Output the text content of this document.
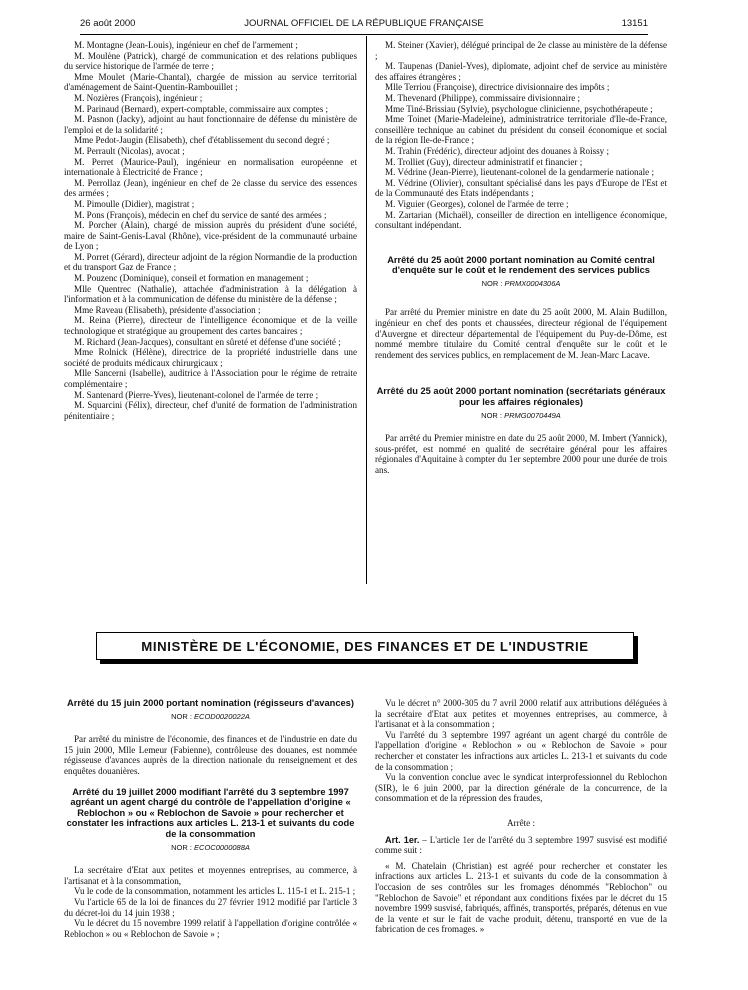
26 août 2000	JOURNAL OFFICIEL DE LA RÉPUBLIQUE FRANÇAISE	13151

M. Montagne (Jean-Louis), ingénieur en chef de l'armement ;

M. Moulène (Patrick), chargé de communication et des relations publiques du service historique de l'armée de terre ;

Mme Moulet (Marie-Chantal), chargée de mission au service territorial d'aménagement de Saint-Quentin-Rambouillet ;

M. Nozières (François), ingénieur ;

M. Parinaud (Bernard), expert-comptable, commissaire aux comptes ;

M. Pasnon (Jacky), adjoint au haut fonctionnaire de défense du ministère de l'emploi et de la solidarité ;

Mme Pedot-Jaugin (Elisabeth), chef d'établissement du second degré ;

M. Perrault (Nicolas), avocat ;

M. Perret (Maurice-Paul), ingénieur en normalisation européenne et internationale à Électricité de France ;

M. Perrollaz (Jean), ingénieur en chef de 2e classe du service des essences des armées ;

M. Pimoulle (Didier), magistrat ;

M. Pons (François), médecin en chef du service de santé des armées ;

M. Porcher (Alain), chargé de mission auprès du président d'une société, maire de Saint-Genis-Laval (Rhône), vice-président de la communauté urbaine de Lyon ;

M. Porret (Gérard), directeur adjoint de la région Normandie de la production et du transport Gaz de France ;

M. Pouzenc (Dominique), conseil et formation en management ;

Mlle Quentrec (Nathalie), attachée d'administration à la délégation à l'information et à la communication de défense du ministère de la défense ;

Mme Raveau (Elisabeth), présidente d'association ;

M. Reina (Pierre), directeur de l'intelligence économique et de la veille technologique et stratégique au groupement des cartes bancaires ;

M. Richard (Jean-Jacques), consultant en sûreté et défense d'une société ;

Mme Rolnick (Hélène), directrice de la propriété industrielle dans une société de produits médicaux chirurgicaux ;

Mlle Sancerni (Isabelle), auditrice à l'Association pour le régime de retraite complémentaire ;

M. Santenard (Pierre-Yves), lieutenant-colonel de l'armée de terre ;

M. Squarcini (Félix), directeur, chef d'unité de formation de l'administration pénitentiaire ;

M. Steiner (Xavier), délégué principal de 2e classe au ministère de la défense ;

M. Taupenas (Daniel-Yves), diplomate, adjoint chef de service au ministère des affaires étrangères ;

Mlle Terriou (Françoise), directrice divisionnaire des impôts ;

M. Thevenard (Philippe), commissaire divisionnaire ;

Mme Tiné-Brissiau (Sylvie), psychologue clinicienne, psychothérapeute ;

Mme Toinet (Marie-Madeleine), administratrice territoriale d'Ile-de-France, conseillère technique au cabinet du président du conseil économique et social de la région Ile-de-France ;

M. Trahin (Frédéric), directeur adjoint des douanes à Roissy ;

M. Trolliet (Guy), directeur administratif et financier ;

M. Védrine (Jean-Pierre), lieutenant-colonel de la gendarmerie nationale ;

M. Védrine (Olivier), consultant spécialisé dans les pays d'Europe de l'Est et de la Communauté des Etats indépendants ;

M. Viguier (Georges), colonel de l'armée de terre ;

M. Zartarian (Michaël), conseiller de direction en intelligence économique, consultant indépendant.

Arrêté du 25 août 2000 portant nomination au Comité central d'enquête sur le coût et le rendement des services publics

NOR : PRMX0004306A

Par arrêté du Premier ministre en date du 25 août 2000, M. Alain Budillon, ingénieur en chef des ponts et chaussées, directeur régional de l'équipement d'Auvergne et directeur départemental de l'équipement du Puy-de-Dôme, est nommé membre titulaire du Comité central d'enquête sur le coût et le rendement des services publics, en remplacement de M. Jean-Marc Lacave.

Arrêté du 25 août 2000 portant nomination (secrétariats généraux pour les affaires régionales)

NOR : PRMG0070449A

Par arrêté du Premier ministre en date du 25 août 2000, M. Imbert (Yannick), sous-préfet, est nommé en qualité de secrétaire général pour les affaires régionales d'Aquitaine à compter du 1er septembre 2000 pour une durée de trois ans.

MINISTÈRE DE L'ÉCONOMIE, DES FINANCES ET DE L'INDUSTRIE

Arrêté du 15 juin 2000 portant nomination (régisseurs d'avances)

NOR : ECOD0020022A

Par arrêté du ministre de l'économie, des finances et de l'industrie en date du 15 juin 2000, Mlle Lemeur (Fabienne), contrôleuse des douanes, est nommée régisseuse d'avances auprès de la direction nationale du renseignement et des enquêtes douanières.

Arrêté du 19 juillet 2000 modifiant l'arrêté du 3 septembre 1997 agréant un agent chargé du contrôle de l'appellation d'origine « Reblochon » ou « Reblochon de Savoie » pour rechercher et constater les infractions aux articles L. 213-1 et suivants du code de la consommation

NOR : ECOC0000088A

La secrétaire d'Etat aux petites et moyennes entreprises, au commerce, à l'artisanat et à la consommation,

Vu le code de la consommation, notamment les articles L. 115-1 et L. 215-1 ;

Vu l'article 65 de la loi de finances du 27 février 1912 modifié par l'article 3 du décret-loi du 14 juin 1938 ;

Vu le décret du 15 novembre 1999 relatif à l'appellation d'origine contrôlée « Reblochon » ou « Reblochon de Savoie » ;

Vu le décret n° 2000-305 du 7 avril 2000 relatif aux attributions déléguées à la secrétaire d'Etat aux petites et moyennes entreprises, au commerce, à l'artisanat et à la consommation ;

Vu l'arrêté du 3 septembre 1997 agréant un agent chargé du contrôle de l'appellation d'origine « Reblochon » ou « Reblochon de Savoie » pour rechercher et constater les infractions aux articles L. 213-1 et suivants du code de la consommation ;

Vu la convention conclue avec le syndicat interprofessionnel du Reblochon (SIR), le 6 juin 2000, par la direction générale de la concurrence, de la consommation et de la répression des fraudes,

Arrête :

Art. 1er. – L'article 1er de l'arrêté du 3 septembre 1997 susvisé est modifié comme suit :

« M. Chatelain (Christian) est agréé pour rechercher et constater les infractions aux articles L. 213-1 et suivants du code de la consommation à l'occasion de ses contrôles sur les fromages dénommés "Reblochon" ou "Reblochon de Savoie" et répondant aux conditions fixées par le décret du 15 novembre 1999 susvisé, fabriqués, affinés, transportés, préparés, détenus en vue de la vente et sur le fait de vache produit, détenu, transporté en vue de la fabrication de ces fromages. »
